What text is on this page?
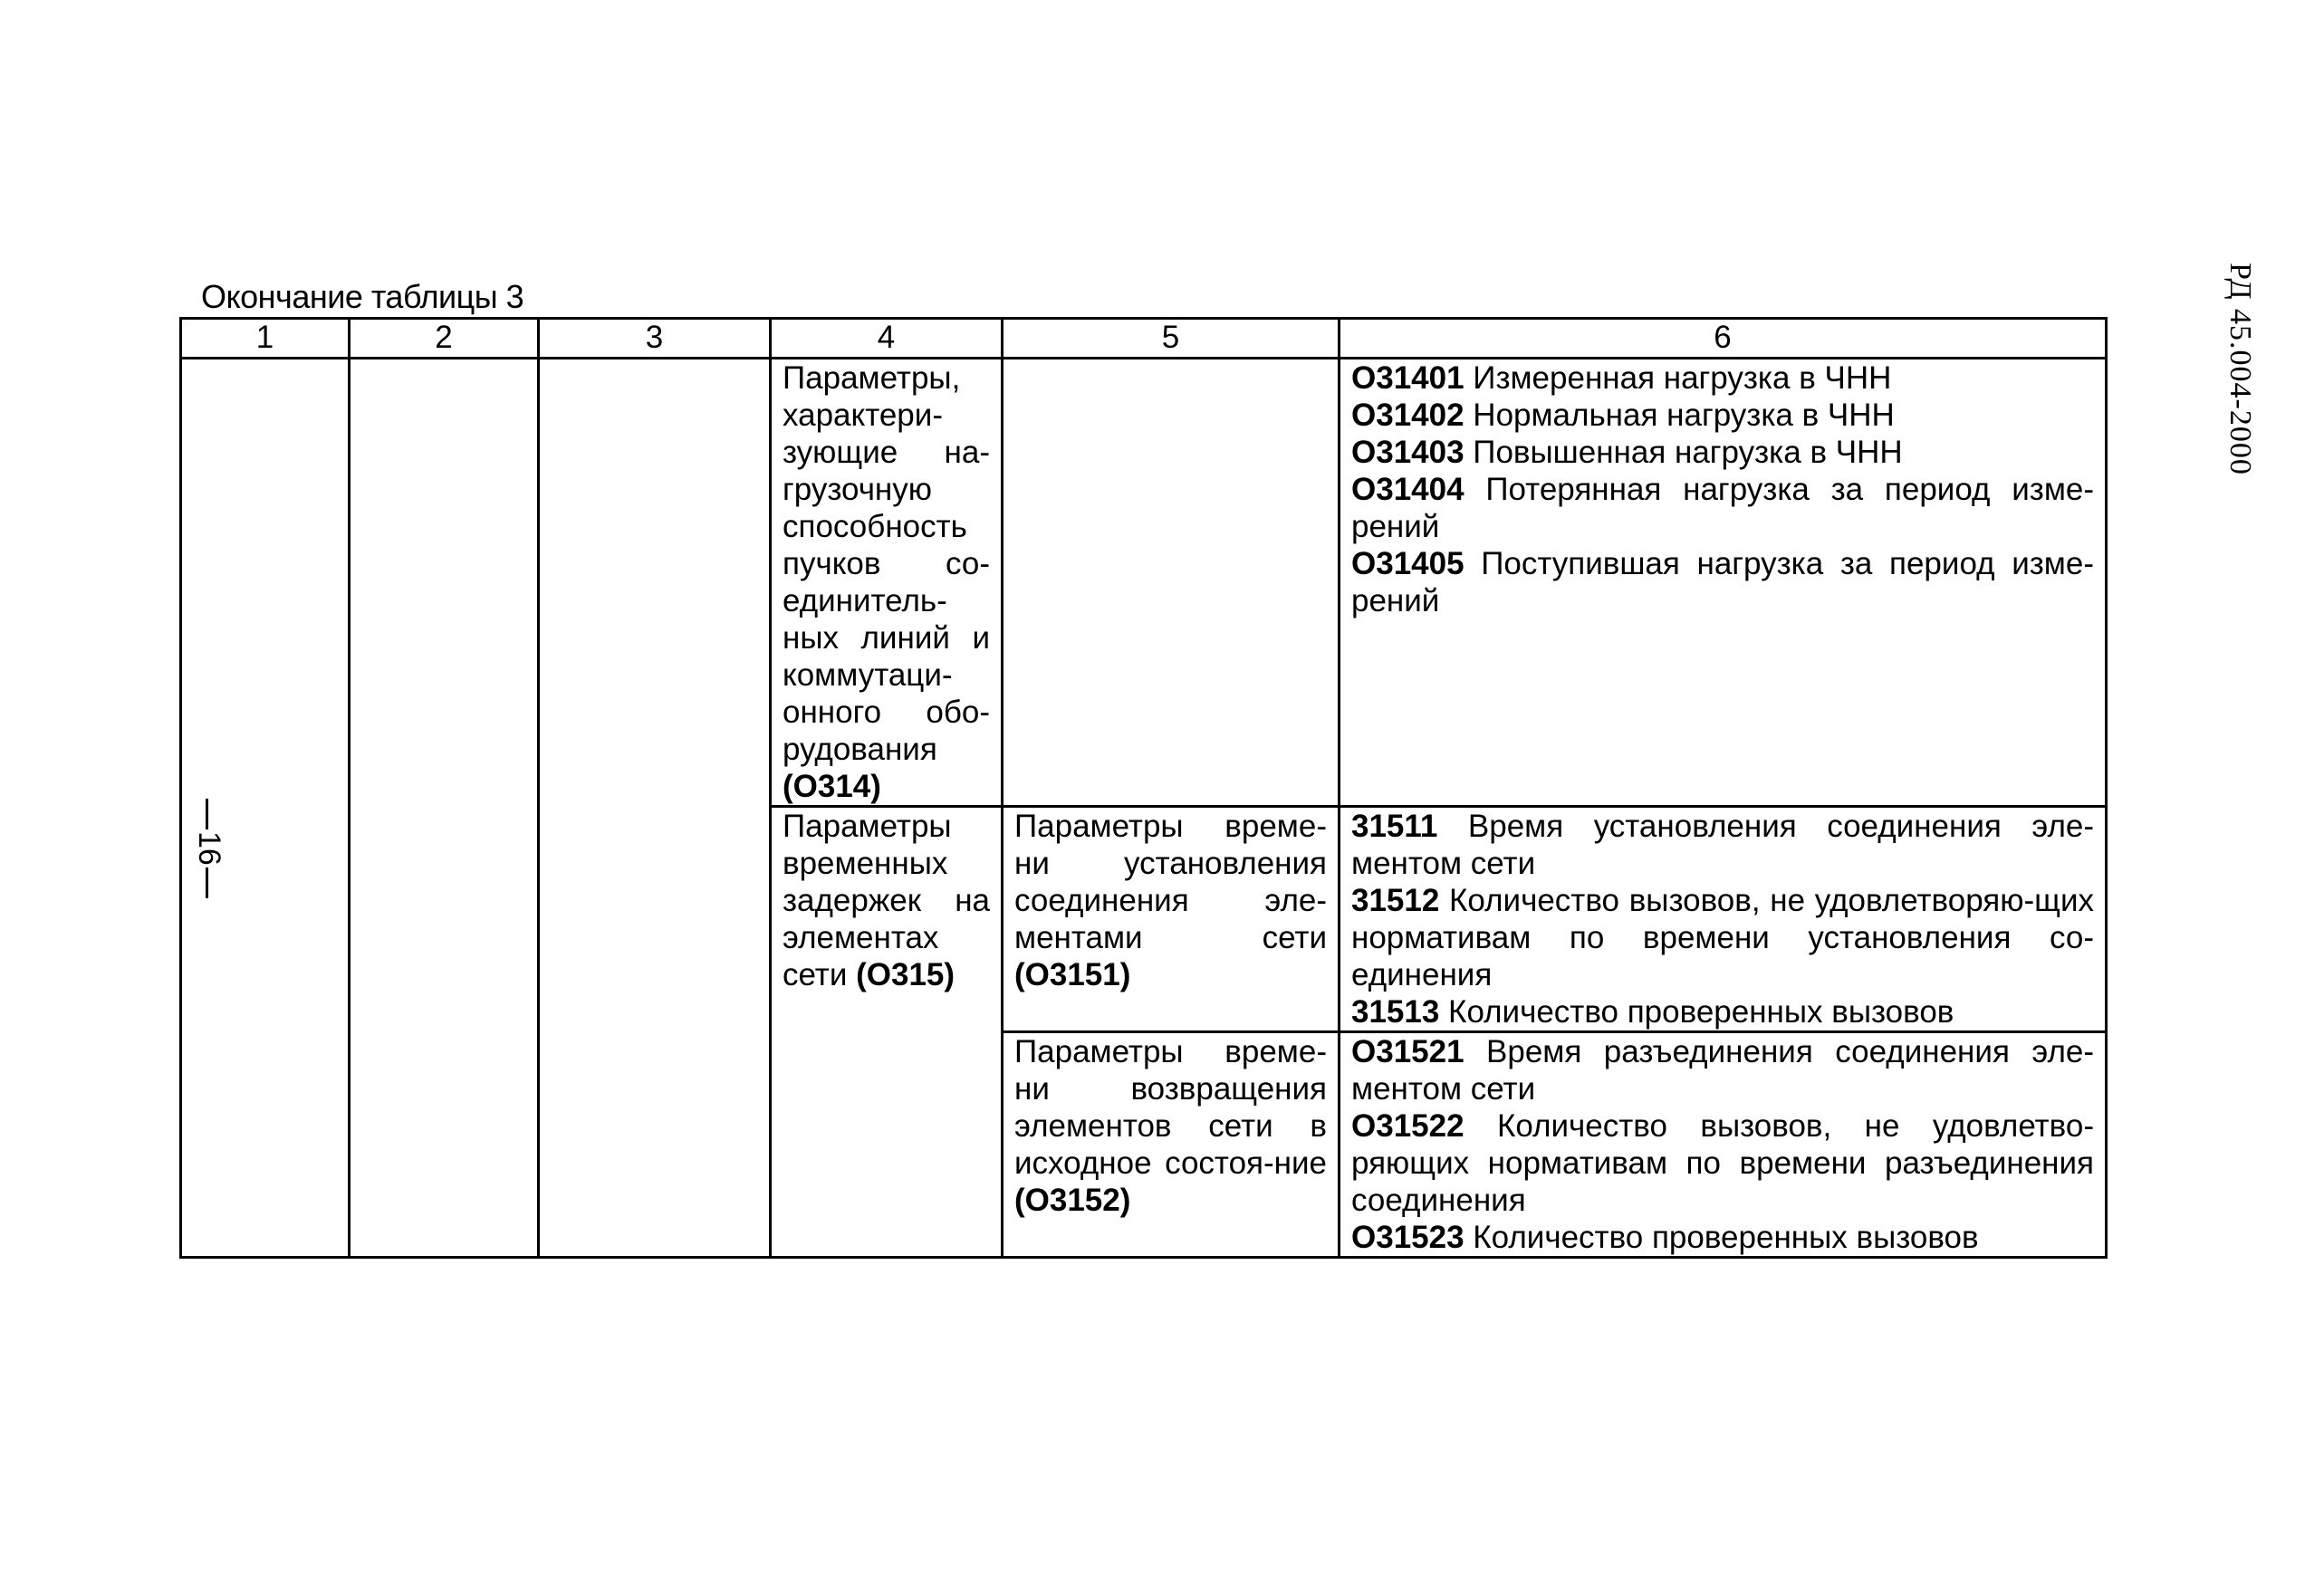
РД 45.004-2000
16
Окончание таблицы 3
1	2	3	4	5	6
			Параметры, характери-зующие на-грузочную способность пучков со-единитель-ных линий и коммутаци-онного обо-рудования (О314)		О31401 Измеренная нагрузка в ЧНН
О31402 Нормальная нагрузка в ЧНН
О31403 Повышенная нагрузка в ЧНН
О31404 Потерянная нагрузка за период изме-рений
О31405 Поступившая нагрузка за период изме-рений

			Параметры временных задержек на элементах сети (О315)	Параметры време-ни установления соединения эле-ментами сети (О3151)	31511 Время установления соединения эле-ментом сети
31512 Количество вызовов, не удовлетворяю-щих нормативам по времени установления со-единения
31513 Количество проверенных вызовов

				Параметры време-ни возвращения элементов сети в исходное состоя-ние (О3152)	О31521 Время разъединения соединения эле-ментом сети
О31522 Количество вызовов, не удовлетво-ряющих нормативам по времени разъединения соединения
О31523 Количество проверенных вызовов
